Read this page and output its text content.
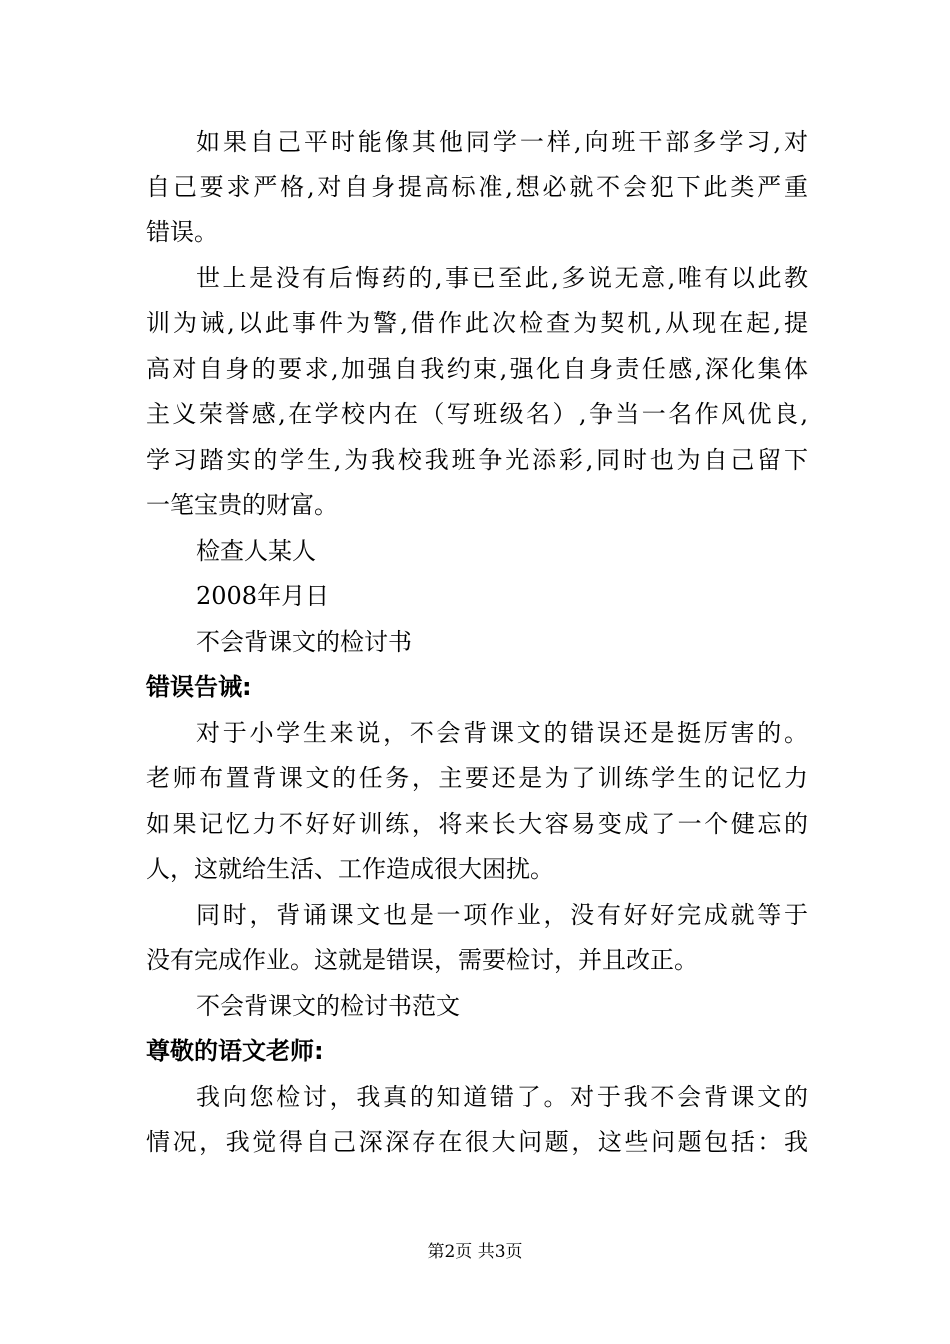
如果自己平时能像其他同学一样,向班干部多学习,对
自己要求严格,对自身提高标准,想必就不会犯下此类严重
错误。
世上是没有后悔药的,事已至此,多说无意,唯有以此教
训为诫,以此事件为警,借作此次检查为契机,从现在起,提
高对自身的要求,加强自我约束,强化自身责任感,深化集体
主义荣誉感,在学校内在（写班级名）,争当一名作风优良,
学习踏实的学生,为我校我班争光添彩,同时也为自己留下
一笔宝贵的财富。
检查人某人
2008年月日
不会背课文的检讨书
错误告诫:
对于小学生来说，不会背课文的错误还是挺厉害的。
老师布置背课文的任务，主要还是为了训练学生的记忆力
如果记忆力不好好训练，将来长大容易变成了一个健忘的
人，这就给生活、工作造成很大困扰。
同时，背诵课文也是一项作业，没有好好完成就等于
没有完成作业。这就是错误，需要检讨，并且改正。
不会背课文的检讨书范文
尊敬的语文老师:
我向您检讨，我真的知道错了。对于我不会背课文的
情况，我觉得自己深深存在很大问题，这些问题包括：我
第2页 共3页
